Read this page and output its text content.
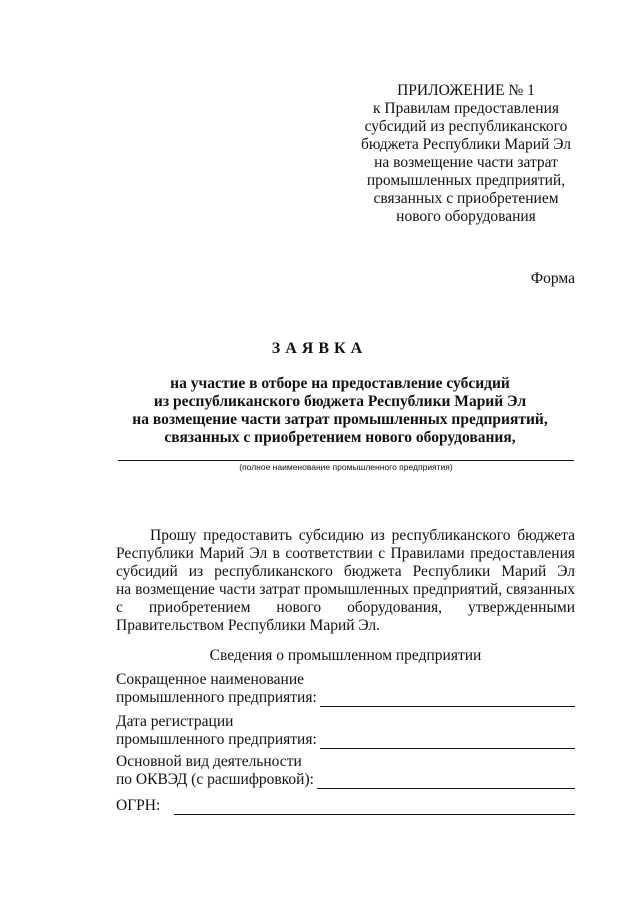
ПРИЛОЖЕНИЕ № 1
к Правилам предоставления
субсидий из республиканского
бюджета Республики Марий Эл
на возмещение части затрат
промышленных предприятий,
связанных с приобретением
нового оборудования
Форма
ЗАЯВКА
на участие в отборе на предоставление субсидий
из республиканского бюджета Республики Марий Эл
на возмещение части затрат промышленных предприятий,
связанных с приобретением нового оборудования,
(полное наименование промышленного предприятия)
Прошу предоставить субсидию из республиканского бюджета
Республики Марий Эл в соответствии с Правилами предоставления
субсидий из республиканского бюджета Республики Марий Эл
на возмещение части затрат промышленных предприятий, связанных
с приобретением нового оборудования, утвержденными
Правительством Республики Марий Эл.
Сведения о промышленном предприятии
Сокращенное наименование
промышленного предприятия:
Дата регистрации
промышленного предприятия:
Основной вид деятельности
по ОКВЭД (с расшифровкой):
ОГРН:
